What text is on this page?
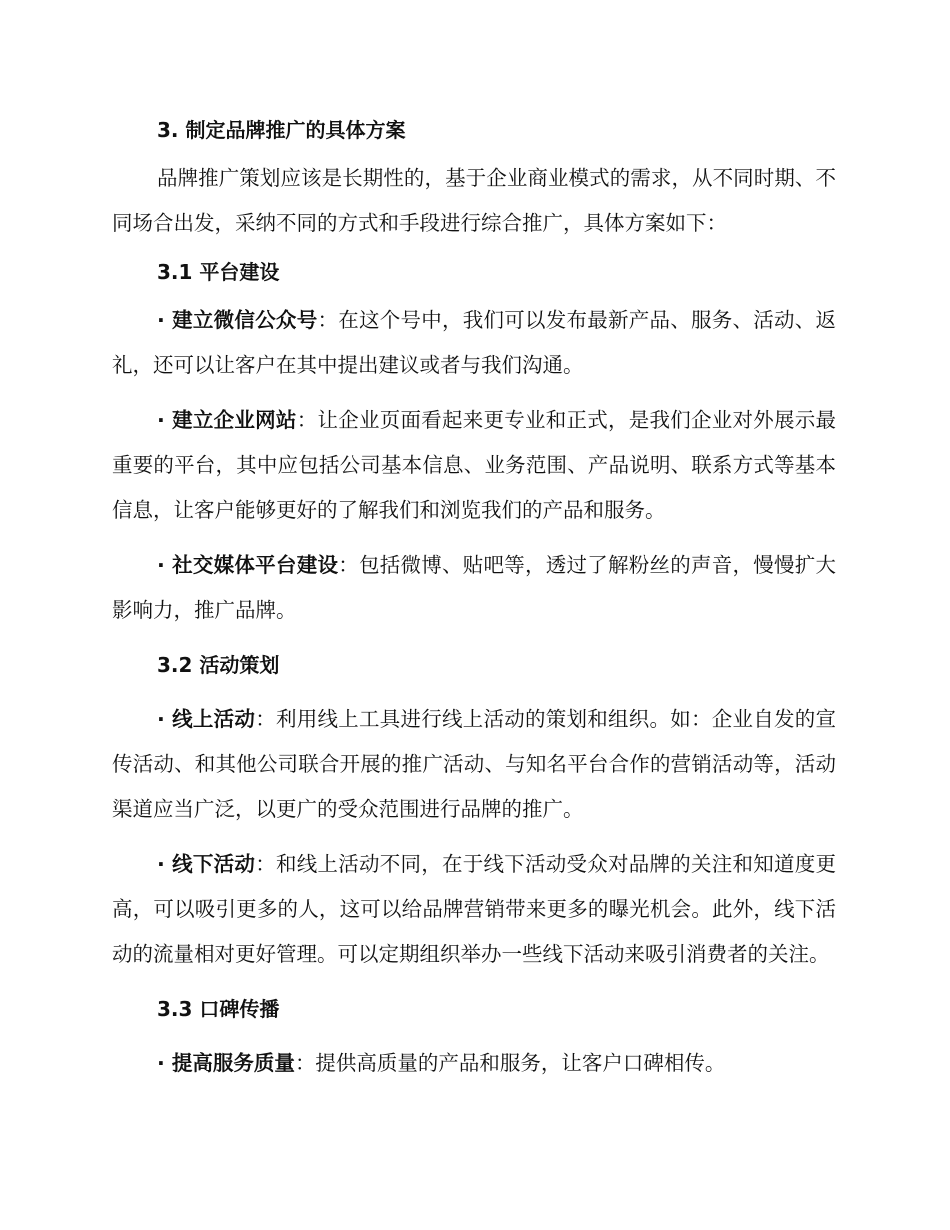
3. 制定品牌推广的具体方案

品牌推广策划应该是长期性的，基于企业商业模式的需求，从不同时期、不同场合出发，采纳不同的方式和手段进行综合推广，具体方案如下：

3.1 平台建设

· 建立微信公众号：在这个号中，我们可以发布最新产品、服务、活动、返礼，还可以让客户在其中提出建议或者与我们沟通。

· 建立企业网站：让企业页面看起来更专业和正式，是我们企业对外展示最重要的平台，其中应包括公司基本信息、业务范围、产品说明、联系方式等基本信息，让客户能够更好的了解我们和浏览我们的产品和服务。

· 社交媒体平台建设：包括微博、贴吧等，透过了解粉丝的声音，慢慢扩大影响力，推广品牌。

3.2 活动策划

· 线上活动：利用线上工具进行线上活动的策划和组织。如：企业自发的宣传活动、和其他公司联合开展的推广活动、与知名平台合作的营销活动等，活动渠道应当广泛，以更广的受众范围进行品牌的推广。

· 线下活动：和线上活动不同，在于线下活动受众对品牌的关注和知道度更高，可以吸引更多的人，这可以给品牌营销带来更多的曝光机会。此外，线下活动的流量相对更好管理。可以定期组织举办一些线下活动来吸引消费者的关注。

3.3 口碑传播

· 提高服务质量：提供高质量的产品和服务，让客户口碑相传。
